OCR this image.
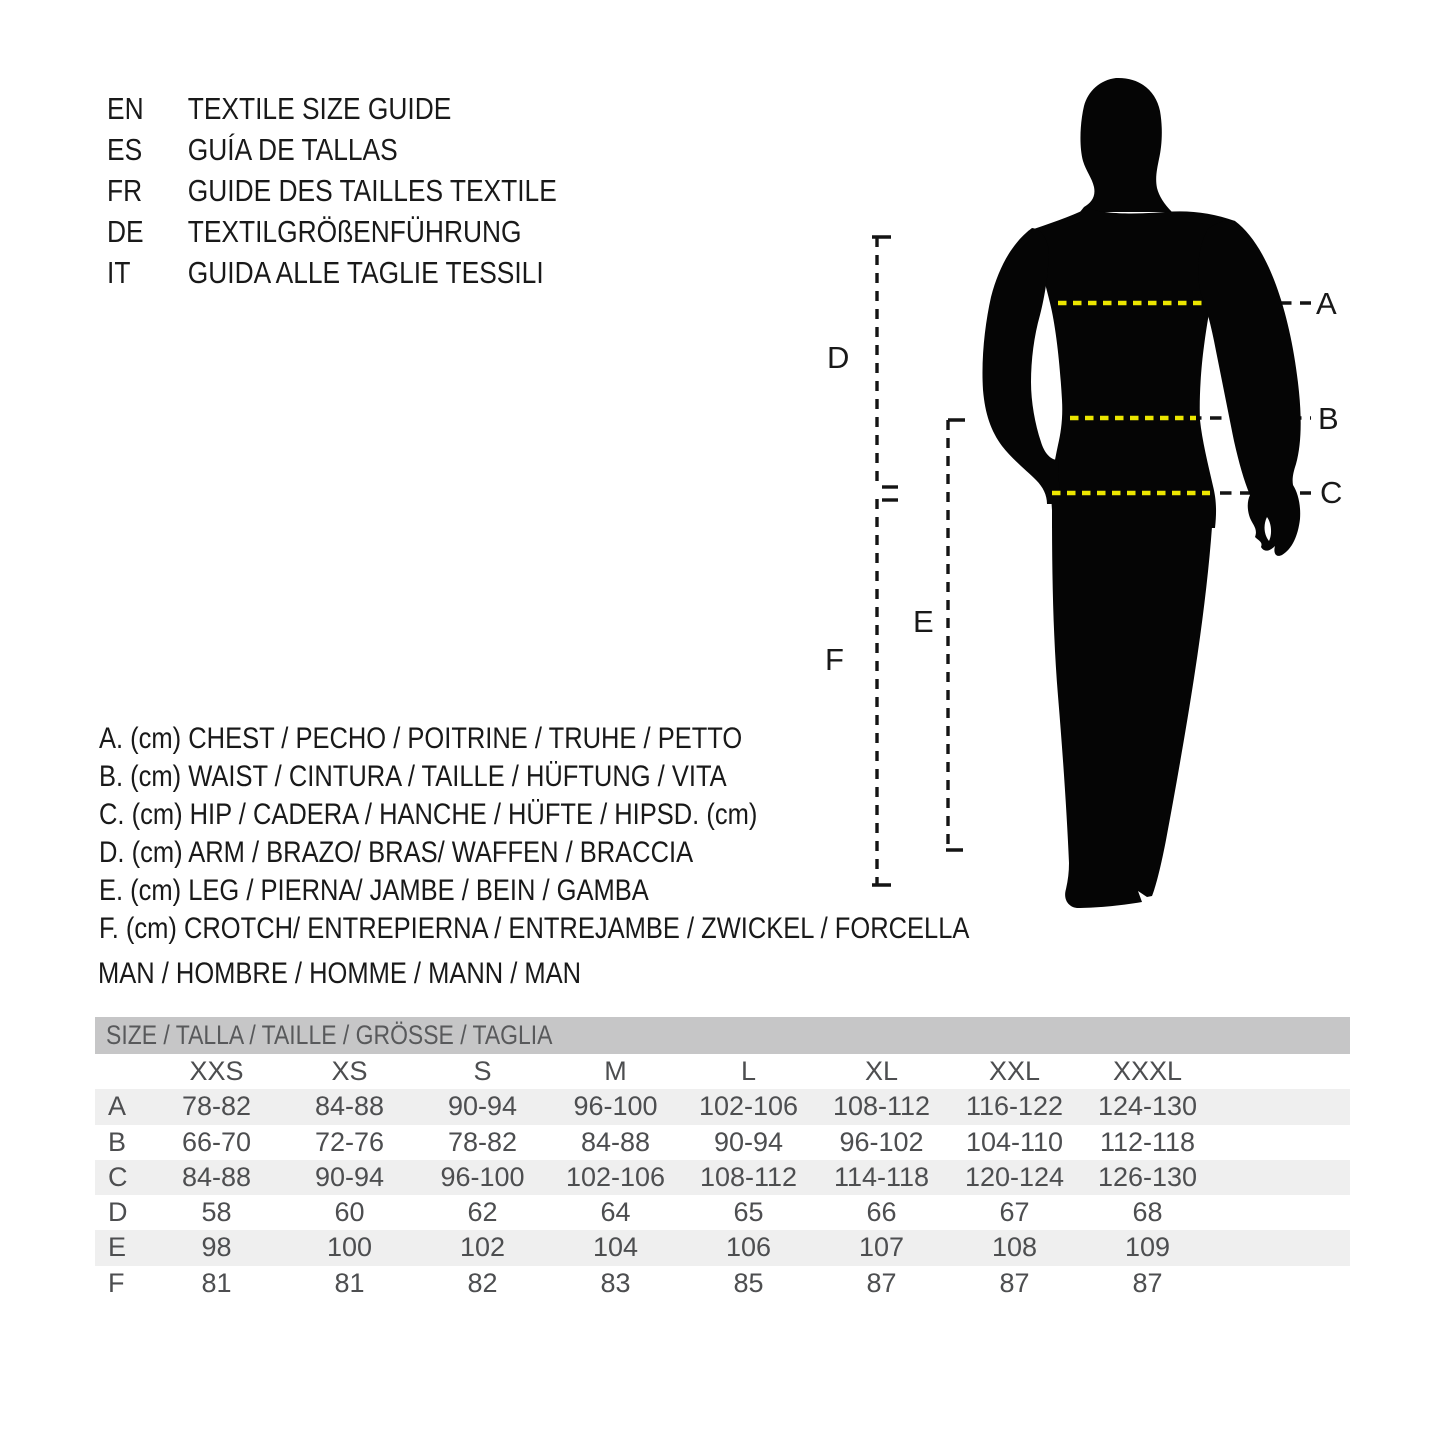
EN	TEXTILE SIZE GUIDE
ES	GUÍA DE TALLAS
FR	GUIDE DES TAILLES TEXTILE
DE	TEXTILGRÖßENFÜHRUNG
IT	GUIDA ALLE TAGLIE TESSILI
A. (cm) CHEST / PECHO / POITRINE / TRUHE / PETTO
B. (cm) WAIST / CINTURA / TAILLE / HÜFTUNG / VITA
C. (cm) HIP / CADERA / HANCHE / HÜFTE / HIPSD. (cm)
D. (cm) ARM / BRAZO/ BRAS/ WAFFEN / BRACCIA
E. (cm) LEG / PIERNA/ JAMBE / BEIN / GAMBA
F. (cm) CROTCH/ ENTREPIERNA / ENTREJAMBE / ZWICKEL / FORCELLA
MAN / HOMBRE / HOMME / MANN / MAN
SIZE / TALLA / TAILLE / GRÖSSE / TAGLIA
XXS	XS	S	M	L	XL	XXL	XXXL
A	78-82	84-88	90-94	96-100	102-106	108-112	116-122	124-130
B	66-70	72-76	78-82	84-88	90-94	96-102	104-110	112-118
C	84-88	90-94	96-100	102-106	108-112	114-118	120-124	126-130
D	58	60	62	64	65	66	67	68
E	98	100	102	104	106	107	108	109
F	81	81	82	83	85	87	87	87
A
B
C
D
E
F
